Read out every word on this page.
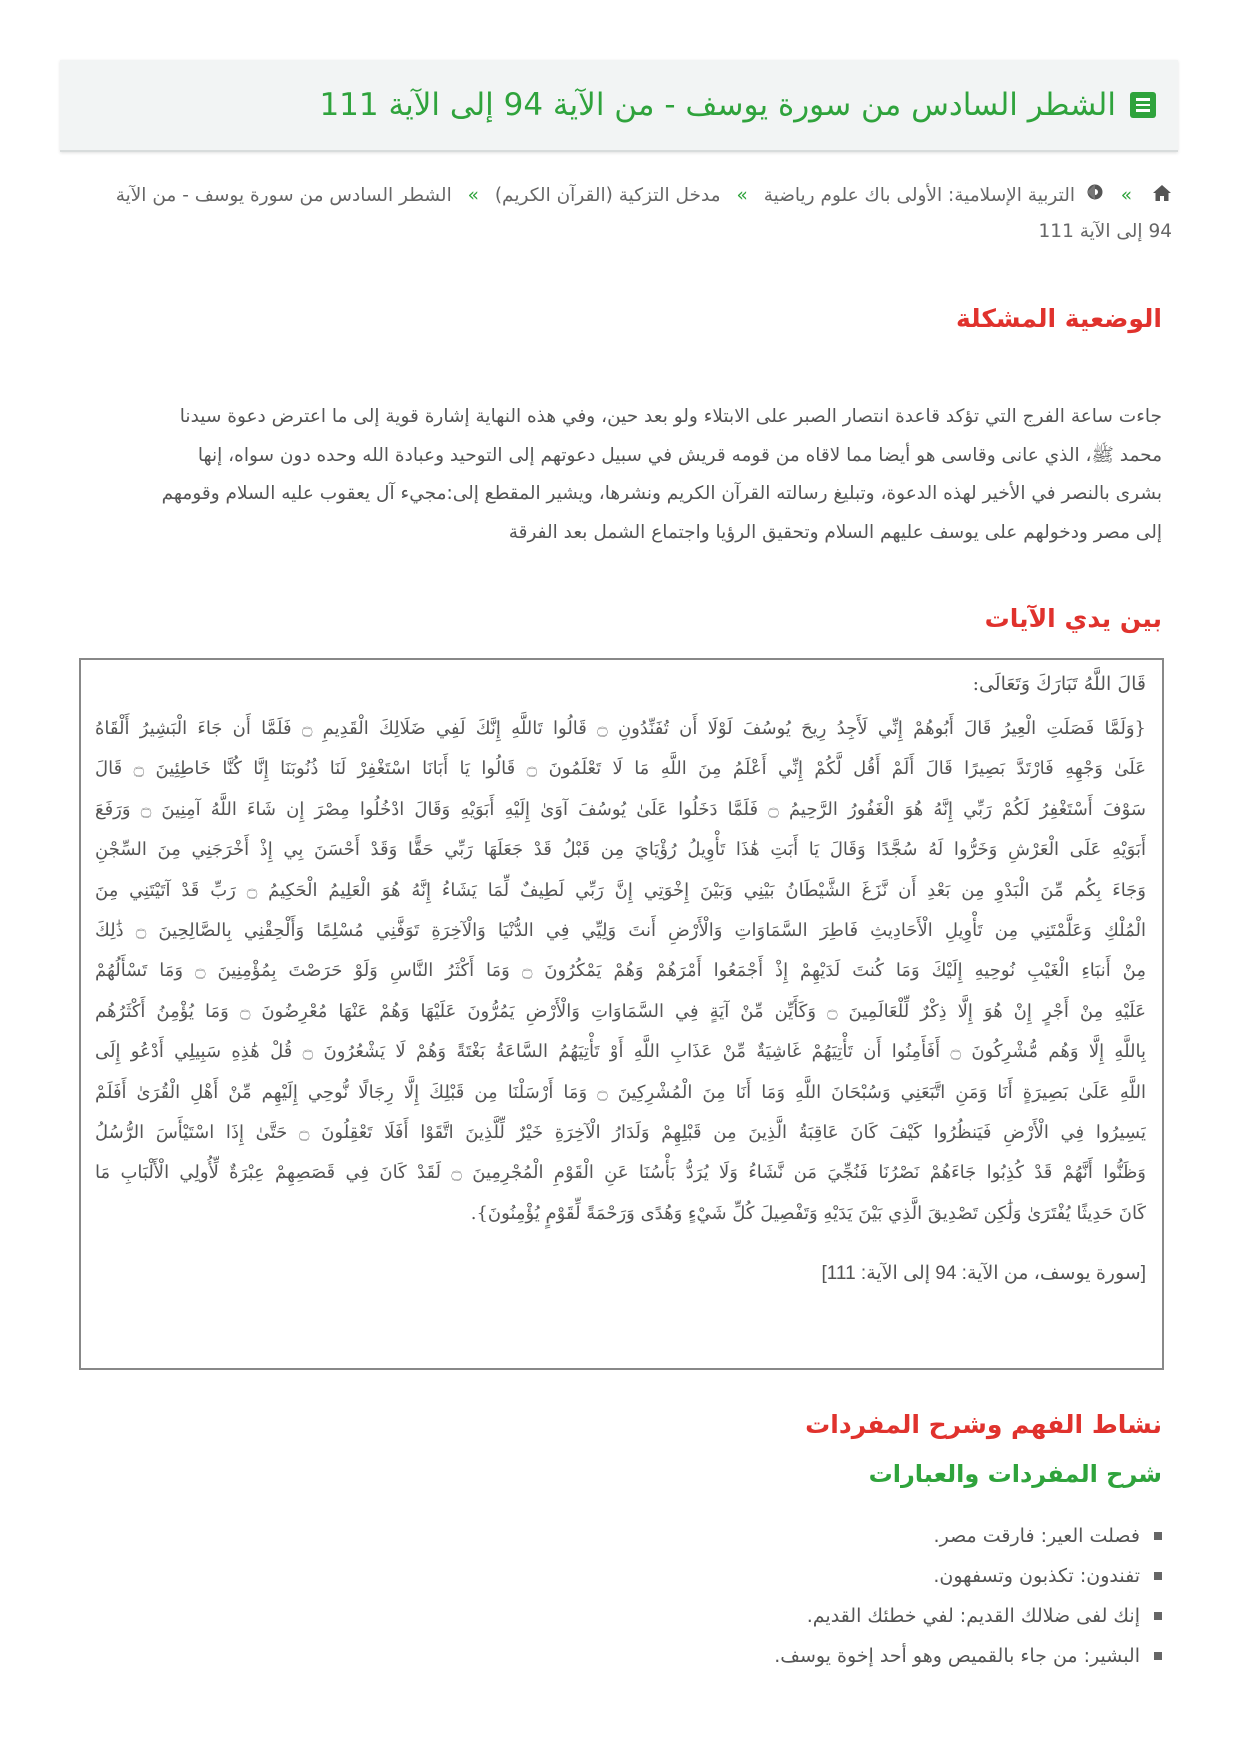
الشطر السادس من سورة يوسف - من الآية 94 إلى الآية 111
»  التربية الإسلامية: الأولى باك علوم رياضية » مدخل التزكية (القرآن الكريم) » الشطر السادس من سورة يوسف - من الآية 94 إلى الآية 111
الوضعية المشكلة

جاءت ساعة الفرج التي تؤكد قاعدة انتصار الصبر على الابتلاء ولو بعد حين، وفي هذه النهاية إشارة قوية إلى ما اعترض دعوة سيدنا

محمد ﷺ، الذي عانى وقاسى هو أيضا مما لاقاه من قومه قريش في سبيل دعوتهم إلى التوحيد وعبادة الله وحده دون سواه، إنها

بشرى بالنصر في الأخير لهذه الدعوة، وتبليغ رسالته القرآن الكريم ونشرها، ويشير المقطع إلى:مجيء آل يعقوب عليه السلام وقومهم

إلى مصر ودخولهم على يوسف عليهم السلام وتحقيق الرؤيا واجتماع الشمل بعد الفرقة

بين يدي الآيات
قَالَ اللَّهُ تَبَارَكَ وَتَعَالَى:
{وَلَمَّا فَصَلَتِ الْعِيرُ قَالَ أَبُوهُمْ إِنِّي لَأَجِدُ رِيحَ يُوسُفَ لَوْلَا أَن تُفَنِّدُونِ ۝ قَالُوا تَاللَّهِ إِنَّكَ لَفِي ضَلَالِكَ الْقَدِيمِ ۝ فَلَمَّا أَن جَاءَ الْبَشِيرُ أَلْقَاهُ
عَلَىٰ وَجْهِهِ فَارْتَدَّ بَصِيرًا قَالَ أَلَمْ أَقُل لَّكُمْ إِنِّي أَعْلَمُ مِنَ اللَّهِ مَا لَا تَعْلَمُونَ ۝ قَالُوا يَا أَبَانَا اسْتَغْفِرْ لَنَا ذُنُوبَنَا إِنَّا كُنَّا خَاطِئِينَ ۝ قَالَ
سَوْفَ أَسْتَغْفِرُ لَكُمْ رَبِّي إِنَّهُ هُوَ الْغَفُورُ الرَّحِيمُ ۝ فَلَمَّا دَخَلُوا عَلَىٰ يُوسُفَ آوَىٰ إِلَيْهِ أَبَوَيْهِ وَقَالَ ادْخُلُوا مِصْرَ إِن شَاءَ اللَّهُ آمِنِينَ ۝ وَرَفَعَ
أَبَوَيْهِ عَلَى الْعَرْشِ وَخَرُّوا لَهُ سُجَّدًا وَقَالَ يَا أَبَتِ هَٰذَا تَأْوِيلُ رُؤْيَايَ مِن قَبْلُ قَدْ جَعَلَهَا رَبِّي حَقًّا وَقَدْ أَحْسَنَ بِي إِذْ أَخْرَجَنِي مِنَ السِّجْنِ
وَجَاءَ بِكُم مِّنَ الْبَدْوِ مِن بَعْدِ أَن نَّزَغَ الشَّيْطَانُ بَيْنِي وَبَيْنَ إِخْوَتِي إِنَّ رَبِّي لَطِيفٌ لِّمَا يَشَاءُ إِنَّهُ هُوَ الْعَلِيمُ الْحَكِيمُ ۝ رَبِّ قَدْ آتَيْتَنِي مِنَ
الْمُلْكِ وَعَلَّمْتَنِي مِن تَأْوِيلِ الْأَحَادِيثِ فَاطِرَ السَّمَاوَاتِ وَالْأَرْضِ أَنتَ وَلِيِّي فِي الدُّنْيَا وَالْآخِرَةِ تَوَفَّنِي مُسْلِمًا وَأَلْحِقْنِي بِالصَّالِحِينَ ۝ ذَٰلِكَ
مِنْ أَنبَاءِ الْغَيْبِ نُوحِيهِ إِلَيْكَ وَمَا كُنتَ لَدَيْهِمْ إِذْ أَجْمَعُوا أَمْرَهُمْ وَهُمْ يَمْكُرُونَ ۝ وَمَا أَكْثَرُ النَّاسِ وَلَوْ حَرَصْتَ بِمُؤْمِنِينَ ۝ وَمَا تَسْأَلُهُمْ
عَلَيْهِ مِنْ أَجْرٍ إِنْ هُوَ إِلَّا ذِكْرٌ لِّلْعَالَمِينَ ۝ وَكَأَيِّن مِّنْ آيَةٍ فِي السَّمَاوَاتِ وَالْأَرْضِ يَمُرُّونَ عَلَيْهَا وَهُمْ عَنْهَا مُعْرِضُونَ ۝ وَمَا يُؤْمِنُ أَكْثَرُهُم
بِاللَّهِ إِلَّا وَهُم مُّشْرِكُونَ ۝ أَفَأَمِنُوا أَن تَأْتِيَهُمْ غَاشِيَةٌ مِّنْ عَذَابِ اللَّهِ أَوْ تَأْتِيَهُمُ السَّاعَةُ بَغْتَةً وَهُمْ لَا يَشْعُرُونَ ۝ قُلْ هَٰذِهِ سَبِيلِي أَدْعُو إِلَى
اللَّهِ عَلَىٰ بَصِيرَةٍ أَنَا وَمَنِ اتَّبَعَنِي وَسُبْحَانَ اللَّهِ وَمَا أَنَا مِنَ الْمُشْرِكِينَ ۝ وَمَا أَرْسَلْنَا مِن قَبْلِكَ إِلَّا رِجَالًا نُّوحِي إِلَيْهِم مِّنْ أَهْلِ الْقُرَىٰ أَفَلَمْ
يَسِيرُوا فِي الْأَرْضِ فَيَنظُرُوا كَيْفَ كَانَ عَاقِبَةُ الَّذِينَ مِن قَبْلِهِمْ وَلَدَارُ الْآخِرَةِ خَيْرٌ لِّلَّذِينَ اتَّقَوْا أَفَلَا تَعْقِلُونَ ۝ حَتَّىٰ إِذَا اسْتَيْأَسَ الرُّسُلُ
وَظَنُّوا أَنَّهُمْ قَدْ كُذِبُوا جَاءَهُمْ نَصْرُنَا فَنُجِّيَ مَن نَّشَاءُ وَلَا يُرَدُّ بَأْسُنَا عَنِ الْقَوْمِ الْمُجْرِمِينَ ۝ لَقَدْ كَانَ فِي قَصَصِهِمْ عِبْرَةٌ لِّأُولِي الْأَلْبَابِ مَا
كَانَ حَدِيثًا يُفْتَرَىٰ وَلَٰكِن تَصْدِيقَ الَّذِي بَيْنَ يَدَيْهِ وَتَفْصِيلَ كُلِّ شَيْءٍ وَهُدًى وَرَحْمَةً لِّقَوْمٍ يُؤْمِنُونَ}.
[سورة يوسف، من الآية: 94 إلى الآية: 111]
نشاط الفهم وشرح المفردات
شرح المفردات والعبارات
فصلت العير: فارقت مصر.
تفندون: تكذبون وتسفهون.
إنك لفى ضلالك القديم: لفي خطئك القديم.
البشير: من جاء بالقميص وهو أحد إخوة يوسف.
